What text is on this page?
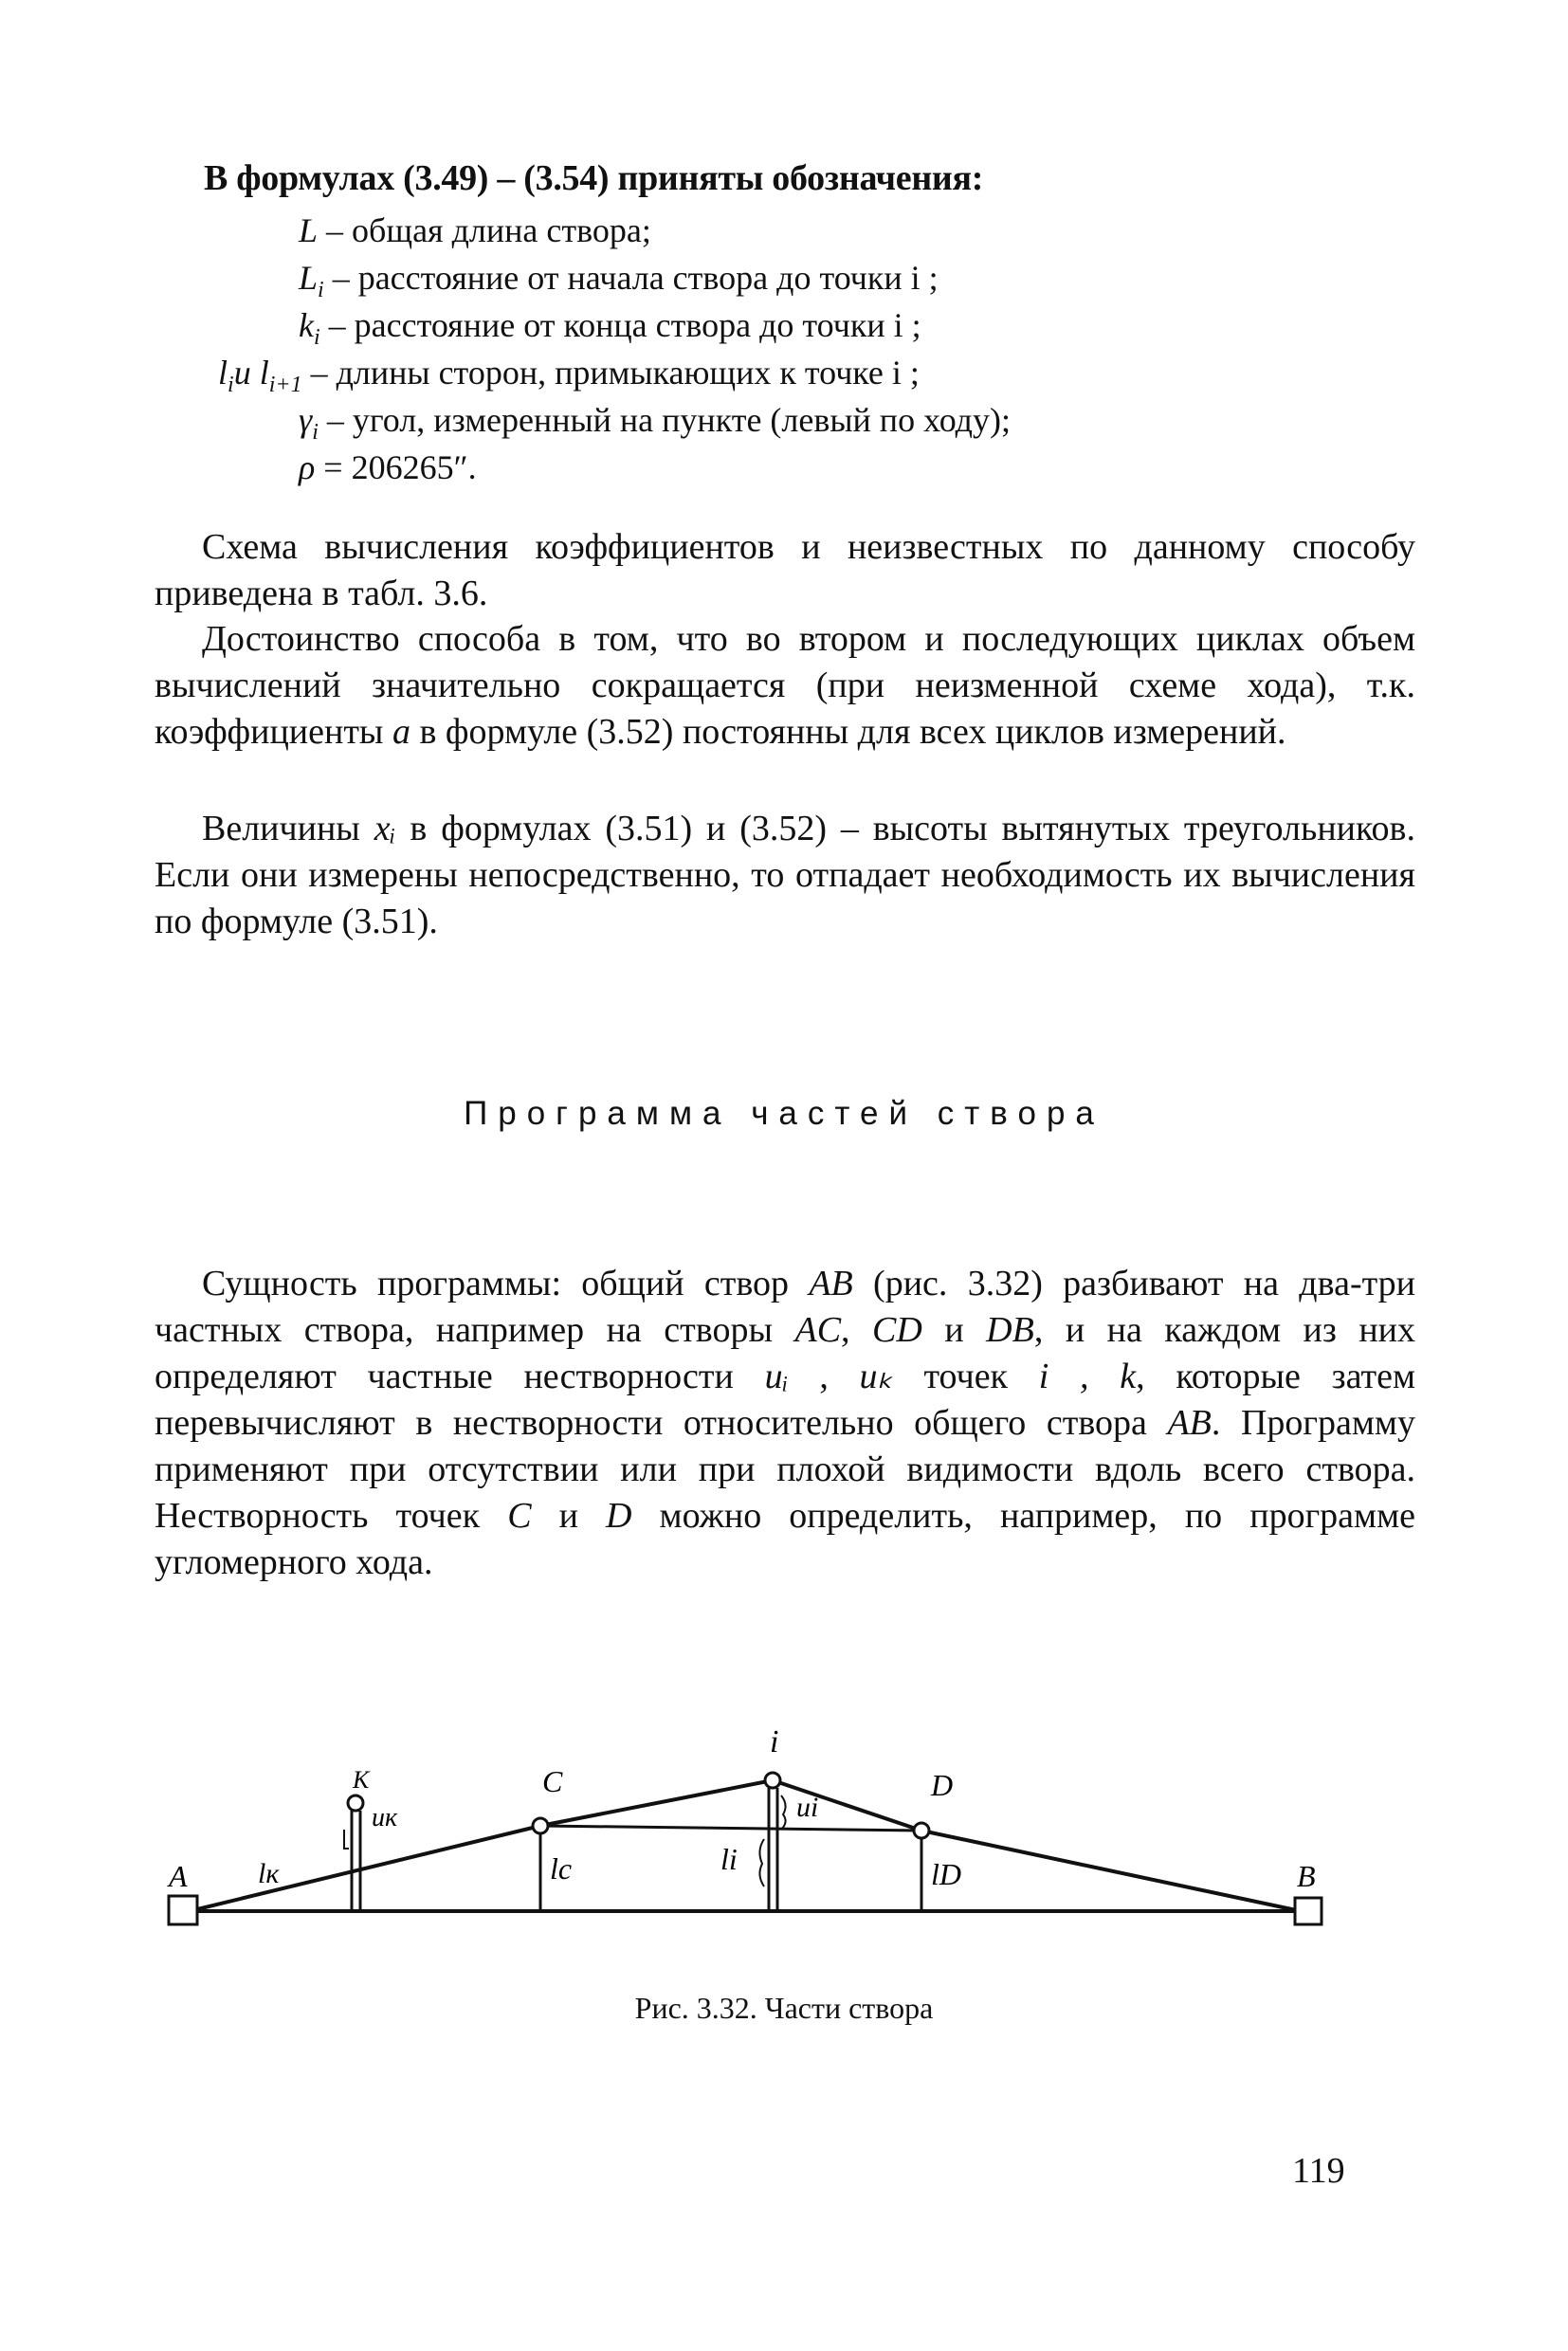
В формулах (3.49) – (3.54) приняты обозначения:
L – общая длина створа;
$L_i$ – расстояние от начала створа до точки i ;
$k_i$ – расстояние от конца створа до точки i ;
$l_iи$ $l_{i+1}$ – длины сторон, примыкающих к точке i ;
$\gamma_i$ – угол, измеренный на пункте (левый по ходу);
ρ = 206265″.

Схема вычисления коэффициентов и неизвестных по данному способу приведена в табл. 3.6.

Достоинство способа в том, что во втором и последующих циклах объем вычислений значительно сокращается (при неизменной схеме хода), т.к. коэффициенты a в формуле (3.52) постоянны для всех циклов измерений.

Величины xᵢ в формулах (3.51) и (3.52) – высоты вытянутых треугольников. Если они измерены непосредственно, то отпадает необходимость их вычисления по формуле (3.51).

Программа частей створа

Сущность программы: общий створ AB (рис. 3.32) разбивают на два-три частных створа, например на створы AC, CD и DB, и на каждом из них определяют частные нестворности uᵢ , uₖ точек i , k, которые затем перевычисляют в нестворности относительно общего створа AB. Программу применяют при отсутствии или при плохой видимости вдоль всего створа. Нестворность точек C и D можно определить, например, по программе угломерного хода.

A	B
C	D
i
K
uк	ui
lк	lc	li	lD
Рис. 3.32. Части створа
119
